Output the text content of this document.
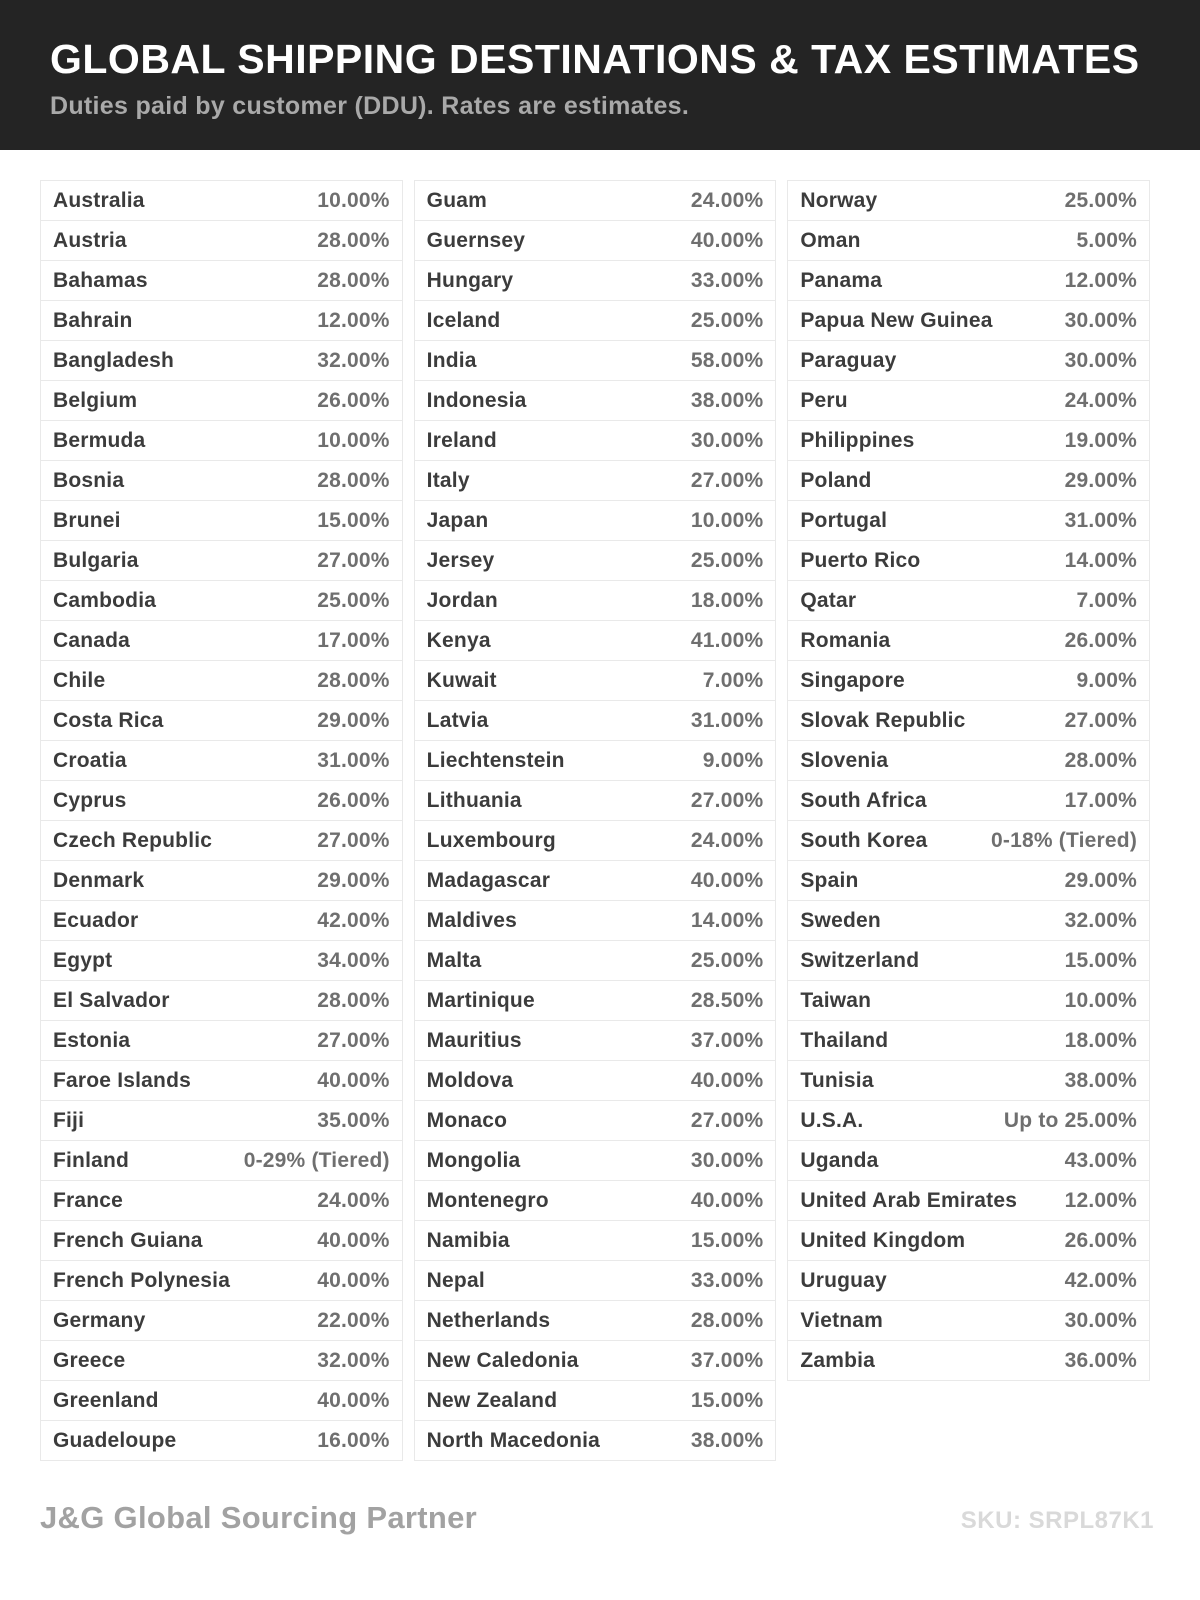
GLOBAL SHIPPING DESTINATIONS & TAX ESTIMATES

Duties paid by customer (DDU). Rates are estimates.

Australia	10.00%
Austria	28.00%
Bahamas	28.00%
Bahrain	12.00%
Bangladesh	32.00%
Belgium	26.00%
Bermuda	10.00%
Bosnia	28.00%
Brunei	15.00%
Bulgaria	27.00%
Cambodia	25.00%
Canada	17.00%
Chile	28.00%
Costa Rica	29.00%
Croatia	31.00%
Cyprus	26.00%
Czech Republic	27.00%
Denmark	29.00%
Ecuador	42.00%
Egypt	34.00%
El Salvador	28.00%
Estonia	27.00%
Faroe Islands	40.00%
Fiji	35.00%
Finland	0-29% (Tiered)
France	24.00%
French Guiana	40.00%
French Polynesia	40.00%
Germany	22.00%
Greece	32.00%
Greenland	40.00%
Guadeloupe	16.00%
Guam	24.00%
Guernsey	40.00%
Hungary	33.00%
Iceland	25.00%
India	58.00%
Indonesia	38.00%
Ireland	30.00%
Italy	27.00%
Japan	10.00%
Jersey	25.00%
Jordan	18.00%
Kenya	41.00%
Kuwait	7.00%
Latvia	31.00%
Liechtenstein	9.00%
Lithuania	27.00%
Luxembourg	24.00%
Madagascar	40.00%
Maldives	14.00%
Malta	25.00%
Martinique	28.50%
Mauritius	37.00%
Moldova	40.00%
Monaco	27.00%
Mongolia	30.00%
Montenegro	40.00%
Namibia	15.00%
Nepal	33.00%
Netherlands	28.00%
New Caledonia	37.00%
New Zealand	15.00%
North Macedonia	38.00%
Norway	25.00%
Oman	5.00%
Panama	12.00%
Papua New Guinea	30.00%
Paraguay	30.00%
Peru	24.00%
Philippines	19.00%
Poland	29.00%
Portugal	31.00%
Puerto Rico	14.00%
Qatar	7.00%
Romania	26.00%
Singapore	9.00%
Slovak Republic	27.00%
Slovenia	28.00%
South Africa	17.00%
South Korea	0-18% (Tiered)
Spain	29.00%
Sweden	32.00%
Switzerland	15.00%
Taiwan	10.00%
Thailand	18.00%
Tunisia	38.00%
U.S.A.	Up to 25.00%
Uganda	43.00%
United Arab Emirates 12.00%
United Kingdom	26.00%
Uruguay	42.00%
Vietnam	30.00%
Zambia	36.00%
J&G Global Sourcing Partner	SKU: SRPL87K1
